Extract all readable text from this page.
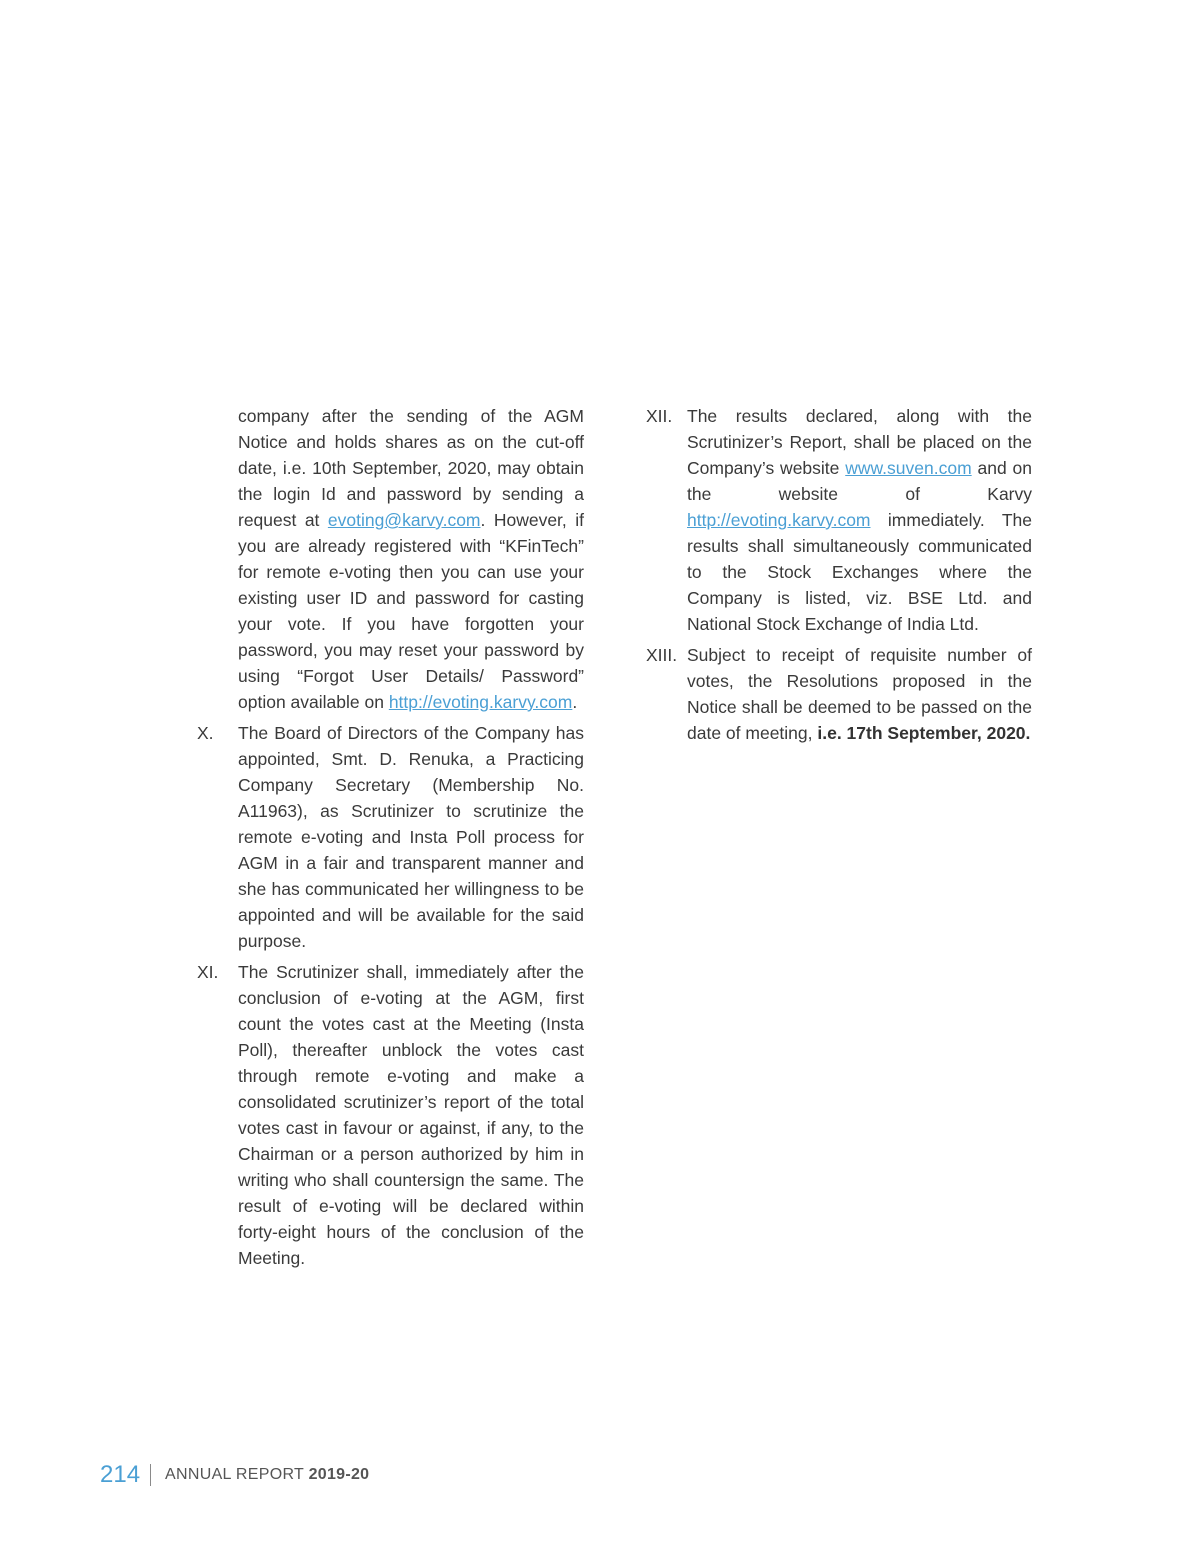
company after the sending of the AGM Notice and holds shares as on the cut-off date, i.e. 10th September, 2020, may obtain the login Id and password by sending a request at evoting@karvy.com. However, if you are already registered with “KFinTech” for remote e-voting then you can use your existing user ID and password for casting your vote. If you have forgotten your password, you may reset your password by using “Forgot User Details/ Password” option available on http://evoting.karvy.com.
X.	The Board of Directors of the Company has appointed, Smt. D. Renuka, a Practicing Company Secretary (Membership No. A11963), as Scrutinizer to scrutinize the remote e-voting and Insta Poll process for AGM in a fair and transparent manner and she has communicated her willingness to be appointed and will be available for the said purpose.
XI.	The Scrutinizer shall, immediately after the conclusion of e-voting at the AGM, first count the votes cast at the Meeting (Insta Poll), thereafter unblock the votes cast through remote e-voting and make a consolidated scrutinizer’s report of the total votes cast in favour or against, if any, to the Chairman or a person authorized by him in writing who shall countersign the same. The result of e-voting will be declared within forty-eight hours of the conclusion of the Meeting.
XII. The results declared, along with the Scrutinizer’s Report, shall be placed on the Company’s website www.suven.com and on the website of Karvy http://evoting.karvy.com immediately. The results shall simultaneously communicated to the Stock Exchanges where the Company is listed, viz. BSE Ltd. and National Stock Exchange of India Ltd.
XIII. Subject to receipt of requisite number of votes, the Resolutions proposed in the Notice shall be deemed to be passed on the date of meeting, i.e. 17th September, 2020.
214 ANNUAL REPORT 2019-20
